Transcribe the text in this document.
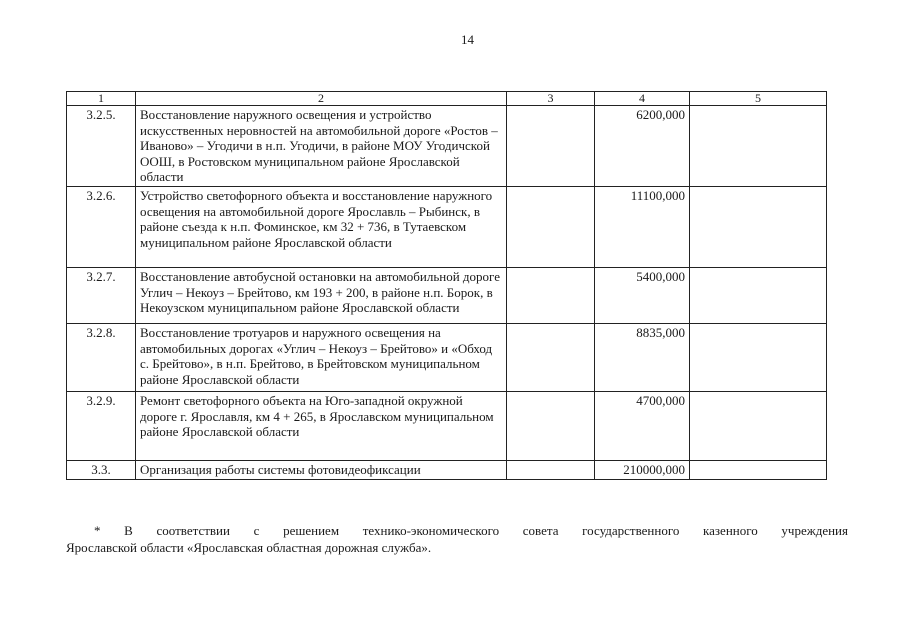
14
1	2	3	4	5
3.2.5.	Восстановление наружного освещения и устройство искусственных неровностей на автомобильной дороге «Ростов – Иваново» – Угодичи в н.п. Угодичи, в районе МОУ Угодичской ООШ, в Ростовском муниципальном районе Ярославской области		6200,000	
3.2.6.	Устройство светофорного объекта и восстановление наружного освещения на автомобильной дороге Ярославль – Рыбинск, в районе съезда к н.п. Фоминское, км 32 + 736, в Тутаевском муниципальном районе Ярославской области		11100,000	
3.2.7.	Восстановление автобусной остановки на автомобильной дороге Углич – Некоуз – Брейтово, км 193 + 200, в районе н.п. Борок, в Некоузском муниципальном районе Ярославской области		5400,000	
3.2.8.	Восстановление тротуаров и наружного освещения на автомобильных дорогах «Углич – Некоуз – Брейтово» и «Обход с. Брейтово», в н.п. Брейтово, в Брейтовском муниципальном районе Ярославской области		8835,000	
3.2.9.	Ремонт светофорного объекта на Юго-западной окружной дороге г. Ярославля, км 4 + 265, в Ярославском муниципальном районе Ярославской области		4700,000	
3.3.	Организация работы системы фотовидеофиксации		210000,000	
* В соответствии с решением технико-экономического совета государственного казенного учреждения
Ярославской области «Ярославская областная дорожная служба».
